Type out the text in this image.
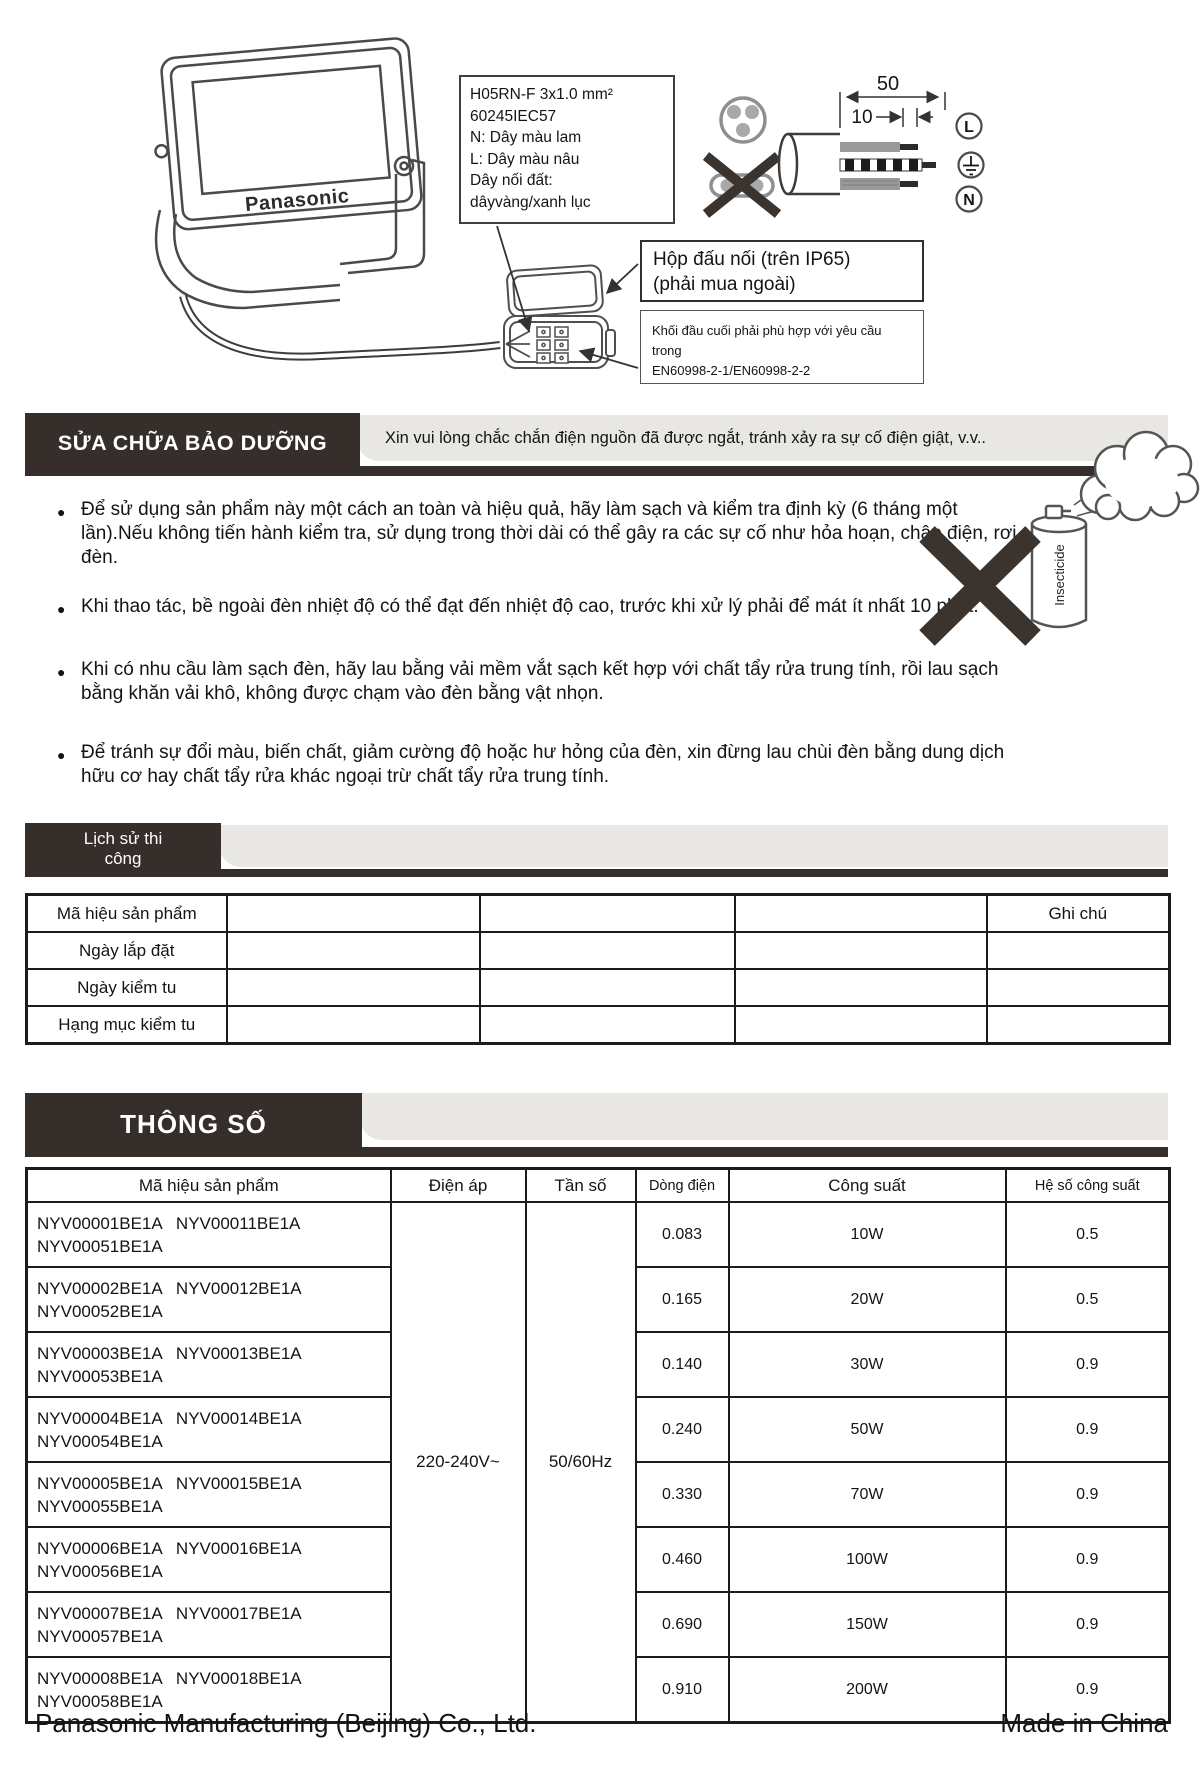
Panasonic
50
10	L
N
H05RN-F 3x1.0 mm²
60245IEC57
N: Dây màu lam
L: Dây màu nâu
Dây nối đất:
dâyvàng/xanh lục
Hộp đấu nối (trên IP65)
(phải mua ngoài)
Khối đầu cuối phải phù hợp với yêu cầu trong
EN60998-2-1/EN60998-2-2
Xin vui lòng chắc chắn điện nguồn đã được ngắt, tránh xảy ra sự cố điện giật, v.v..
SỬA CHỮA BẢO DƯỠNG
● Để sử dụng sản phẩm này một cách an toàn và hiệu quả, hãy làm sạch và kiểm tra định kỳ (6 tháng một lần).Nếu không tiến hành kiểm tra, sử dụng trong thời dài có thể gây ra các sự cố như hỏa hoạn, chập điện, rơi đèn.
● Khi thao tác, bề ngoài đèn nhiệt độ có thể đạt đến nhiệt độ cao, trước khi xử lý phải để mát ít nhất 10 phút.
● Khi có nhu cầu làm sạch đèn, hãy lau bằng vải mềm vắt sạch kết hợp với chất tẩy rửa trung tính, rồi lau sạch bằng khăn vải khô, không được chạm vào đèn bằng vật nhọn.
● Để tránh sự đổi màu, biến chất, giảm cường độ hoặc hư hỏng của đèn, xin đừng lau chùi đèn bằng dung dịch hữu cơ hay chất tẩy rửa khác ngoại trừ chất tẩy rửa trung tính.
Insecticide
Lịch sử thi
công
Mã hiệu sản phẩm				Ghi chú
Ngày lắp đặt				
Ngày kiểm tu				
Hạng mục kiểm tu				
THÔNG SỐ
Mã hiệu sản phẩm	Điện áp	Tần số	Dòng điện	Công suất	Hệ số công suất

NYV00001BE1A   NYV00011BE1A
NYV00051BE1A	220-240V~	50/60Hz	0.083	10W	0.5

NYV00002BE1A   NYV00012BE1A
NYV00052BE1A			0.165	20W	0.5

NYV00003BE1A   NYV00013BE1A
NYV00053BE1A			0.140	30W	0.9

NYV00004BE1A   NYV00014BE1A
NYV00054BE1A			0.240	50W	0.9

NYV00005BE1A   NYV00015BE1A
NYV00055BE1A			0.330	70W	0.9

NYV00006BE1A   NYV00016BE1A
NYV00056BE1A			0.460	100W	0.9

NYV00007BE1A   NYV00017BE1A
NYV00057BE1A			0.690	150W	0.9

NYV00008BE1A   NYV00018BE1A
NYV00058BE1A			0.910	200W	0.9
Panasonic Manufacturing (Beijing) Co., Ltd.	Made in China
